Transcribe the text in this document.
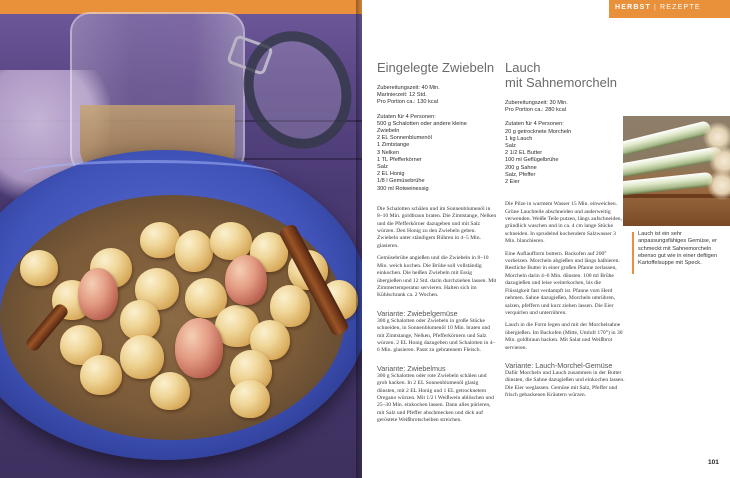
HERBST | REZEPTE
Eingelegte Zwiebeln

Zubereitungszeit: 40 Min.

Marinierzeit: 12 Std.

Pro Portion ca.: 130 kcal

Zutaten für 4 Personen:

500 g Schalotten oder andere kleine
Zwiebeln
2 EL Sonnenblumenöl
1 Zimtstange
3 Nelken
1 TL Pfefferkörner
Salz
2 EL Honig
1/8 l Gemüsebrühe
300 ml Rotweinessig

Die Schalotten schälen und im Sonnenblumenöl in 8–10 Min. goldbraun braten. Die Zimtstange, Nelken und die Pfefferkörner dazugeben und mit Salz würzen. Den Honig zu den Zwiebeln geben. Zwiebeln unter ständigem Rühren in 4–5 Min. glasieren.

Gemüsebrühe angießen und die Zwiebeln in 8–10 Min. weich kochen. Die Brühe soll vollständig einkochen. Die heißen Zwiebeln mit Essig übergießen und 12 Std. darin durchziehen lassen. Mit Zimmertemperatur servieren. Halten sich im Kühlschrank ca. 2 Wochen.

Variante: Zwiebelgemüse

300 g Schalotten oder Zwiebeln in große Stücke schneiden, in Sonnenblumenöl 10 Min. braten und mit Zimtstange, Nelken, Pfefferkörnern und Salz würzen. 2 EL Honig dazugeben und Schalotten in 4–6 Min. glasieren. Passt zu gebratenem Fleisch.

Variante: Zwiebelmus

300 g Schalotten oder rote Zwiebeln schälen und grob hacken. In 2 EL Sonnenblumenöl glasig dünsten, mit 2 EL Honig und 1 EL getrocknetem Oregano würzen. Mit 1/2 l Weißwein ablöschen und 25–30 Min. einkochen lassen. Dann alles pürieren, mit Salz und Pfeffer abschmecken und dick auf geröstete Weißbrotscheiben streichen.

Lauch
mit Sahnemorcheln

Zubereitungszeit: 30 Min.

Pro Portion ca.: 280 kcal

Zutaten für 4 Personen:

20 g getrocknete Morcheln
1 kg Lauch
Salz
2 1/2 EL Butter
100 ml Geflügelbrühe
200 g Sahne
Salz, Pfeffer
2 Eier

Die Pilze in warmem Wasser 15 Min. einweichen. Grüne Lauchteile abschneiden und anderweitig verwenden. Weiße Teile putzen, längs aufschneiden, gründlich waschen und in ca. 4 cm lange Stücke schneiden. In sprudelnd kochendem Salzwasser 3 Min. blanchieren.

Eine Auflaufform buttern. Backofen auf 200° vorheizen. Morcheln abgießen und längs halbieren. Restliche Butter in einer großen Pfanne zerlassen, Morcheln darin 4–6 Min. dünsten. 100 ml Brühe dazugießen und leise weiterkochen, bis die Flüssigkeit fast verdampft ist. Pfanne vom Herd nehmen. Sahne dazugießen, Morcheln umrühren, salzen, pfeffern und kurz ziehen lassen. Die Eier verquirlen und unterrühren.

Lauch in die Form legen und mit der Morchelsahne übergießen. Im Backofen (Mitte, Umluft 170°) in 30 Min. goldbraun backen. Mit Salat und Weißbrot servieren.

Variante: Lauch-Morchel-Gemüse

Dafür Morcheln und Lauch zusammen in der Butter dünsten, die Sahne dazugießen und einkochen lassen. Die Eier weglassen. Gemüse mit Salz, Pfeffer und frisch gebackenen Kräutern würzen.

Lauch ist ein sehr anpassungsfähiges Gemüse, er schmeckt mit Sahnemorcheln ebenso gut wie in einer deftigen Kartoffelsuppe mit Speck.

101
